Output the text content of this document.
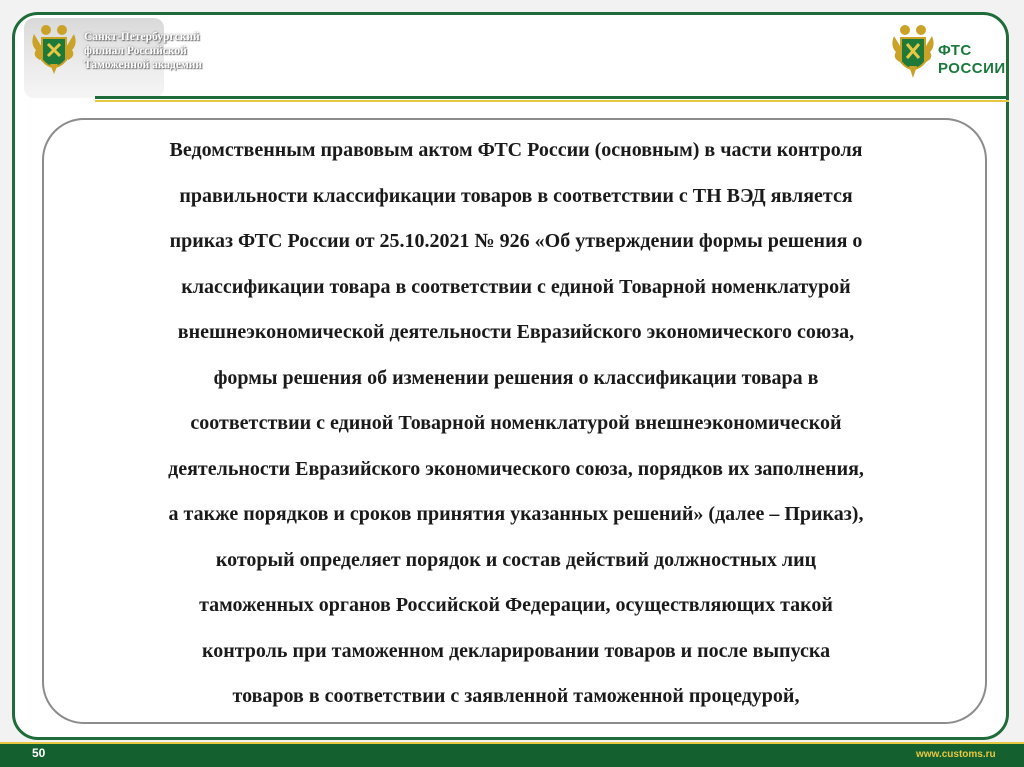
Санкт-Петербургский
филиал Российской
Таможенной академии
ФТС
РОССИИ

Ведомственным правовым актом ФТС России (основным) в части контроля
правильности классификации товаров в соответствии с ТН ВЭД является
приказ ФТС России от 25.10.2021 № 926 «Об утверждении формы решения о
классификации товара в соответствии с единой Товарной номенклатурой
внешнеэкономической деятельности Евразийского экономического союза,
формы решения об изменении решения о классификации товара в
соответствии с единой Товарной номенклатурой внешнеэкономической
деятельности Евразийского экономического союза, порядков их заполнения,
а также порядков и сроков принятия указанных решений» (далее – Приказ),
который определяет порядок и состав действий должностных лиц
таможенных органов Российской Федерации, осуществляющих такой
контроль при таможенном декларировании товаров и после выпуска
товаров в соответствии с заявленной таможенной процедурой,

50	www.customs.ru
